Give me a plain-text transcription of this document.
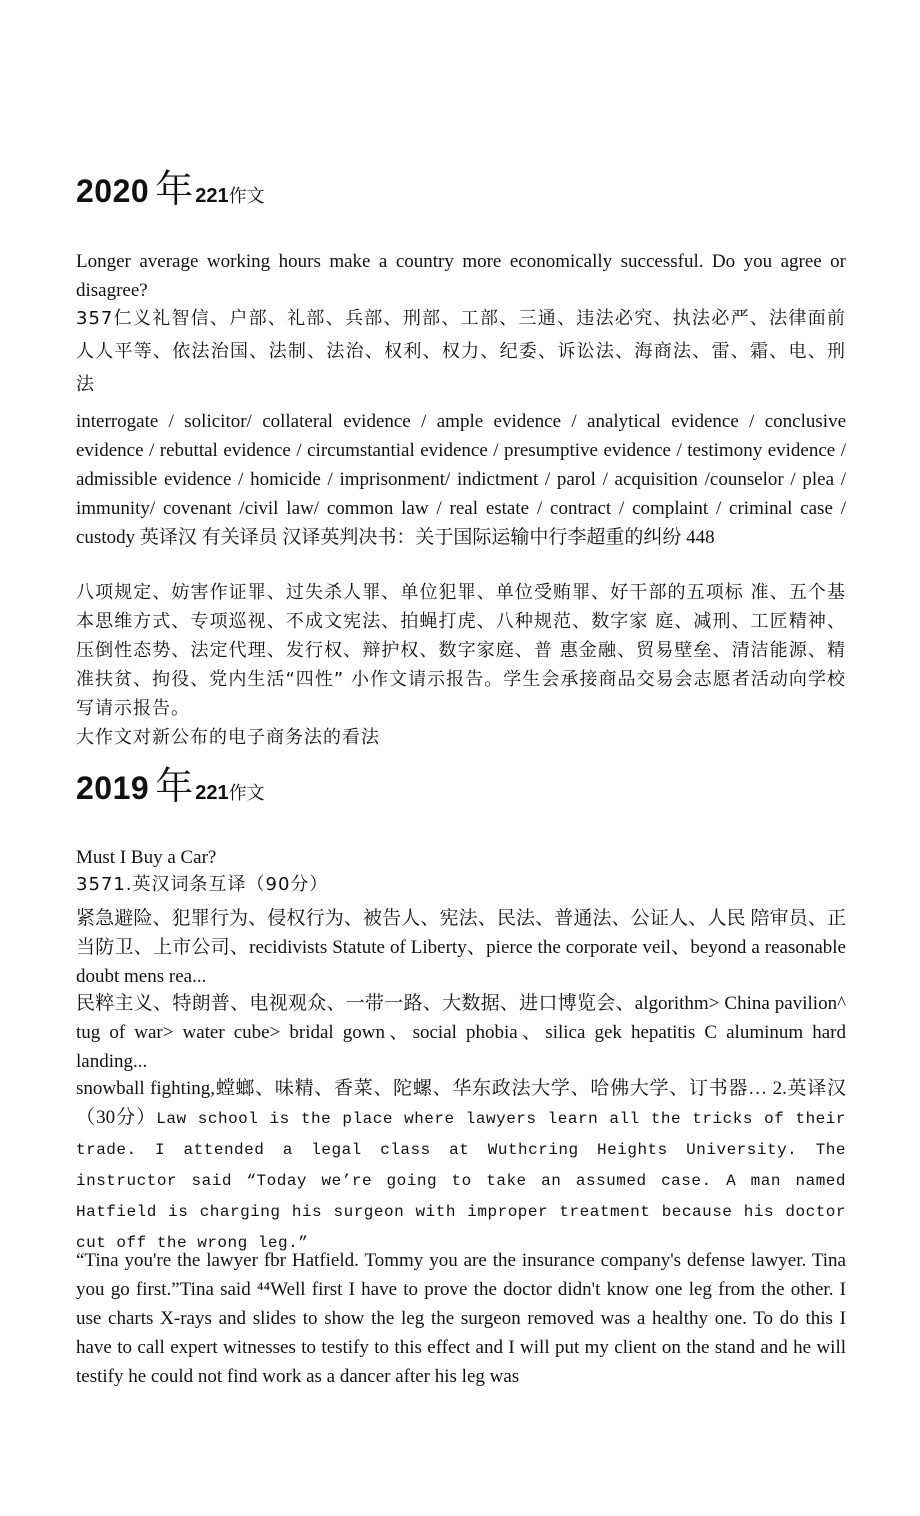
2020 年 221作文

Longer average working hours make a country more economically successful. Do you agree or disagree?

357仁义礼智信、户部、礼部、兵部、刑部、工部、三通、违法必究、执法必严、法律面前人人平等、依法治国、法制、法治、权利、权力、纪委、诉讼法、海商法、雷、霜、电、刑法

interrogate / solicitor/ collateral evidence / ample evidence / analytical evidence / conclusive evidence / rebuttal evidence / circumstantial evidence / presumptive evidence / testimony evidence / admissible evidence / homicide / imprisonment/ indictment / parol / acquisition /counselor / plea / immunity/ covenant /civil law/ common law / real estate / contract / complaint / criminal case / custody 英译汉 有关译员 汉译英判决书：关于国际运输中行李超重的纠纷 448

八项规定、妨害作证罪、过失杀人罪、单位犯罪、单位受贿罪、好干部的五项标 准、五个基本思维方式、专项巡视、不成文宪法、拍蝇打虎、八种规范、数字家 庭、减刑、工匠精神、压倒性态势、法定代理、发行权、辩护权、数字家庭、普 惠金融、贸易壁垒、清洁能源、精准扶贫、拘役、党内生活“四性” 小作文请示报告。学生会承接商品交易会志愿者活动向学校写请示报告。

大作文对新公布的电子商务法的看法

2019 年 221作文

Must I Buy a Car?

3571.英汉词条互译（90分）

紧急避险、犯罪行为、侵权行为、被告人、宪法、民法、普通法、公证人、人民 陪审员、正当防卫、上市公司、recidivists Statute of Liberty、pierce the corporate veil、beyond a reasonable doubt mens rea...

民粹主义、特朗普、电视观众、一带一路、大数据、进口博览会、algorithm> China pavilion^ tug of war> water cube> bridal gown、social phobia、silica gek hepatitis C aluminum hard landing...

snowball fighting,螳螂、味精、香菜、陀螺、华东政法大学、哈佛大学、订书器… 2.英译汉（30分）Law school is the place where lawyers learn all the tricks of their trade. I attended a legal class at Wuthcring Heights University. The instructor said “Today we’re going to take an assumed case. A man named Hatfield is charging his surgeon with improper treatment because his doctor cut off the wrong leg.”

“Tina you're the lawyer fbr Hatfield. Tommy you are the insurance company's defense lawyer. Tina you go first.”Tina said ⁴⁴Well first I have to prove the doctor didn't know one leg from the other. I use charts X-rays and slides to show the leg the surgeon removed was a healthy one. To do this I have to call expert witnesses to testify to this effect and I will put my client on the stand and he will testify he could not find work as a dancer after his leg was
